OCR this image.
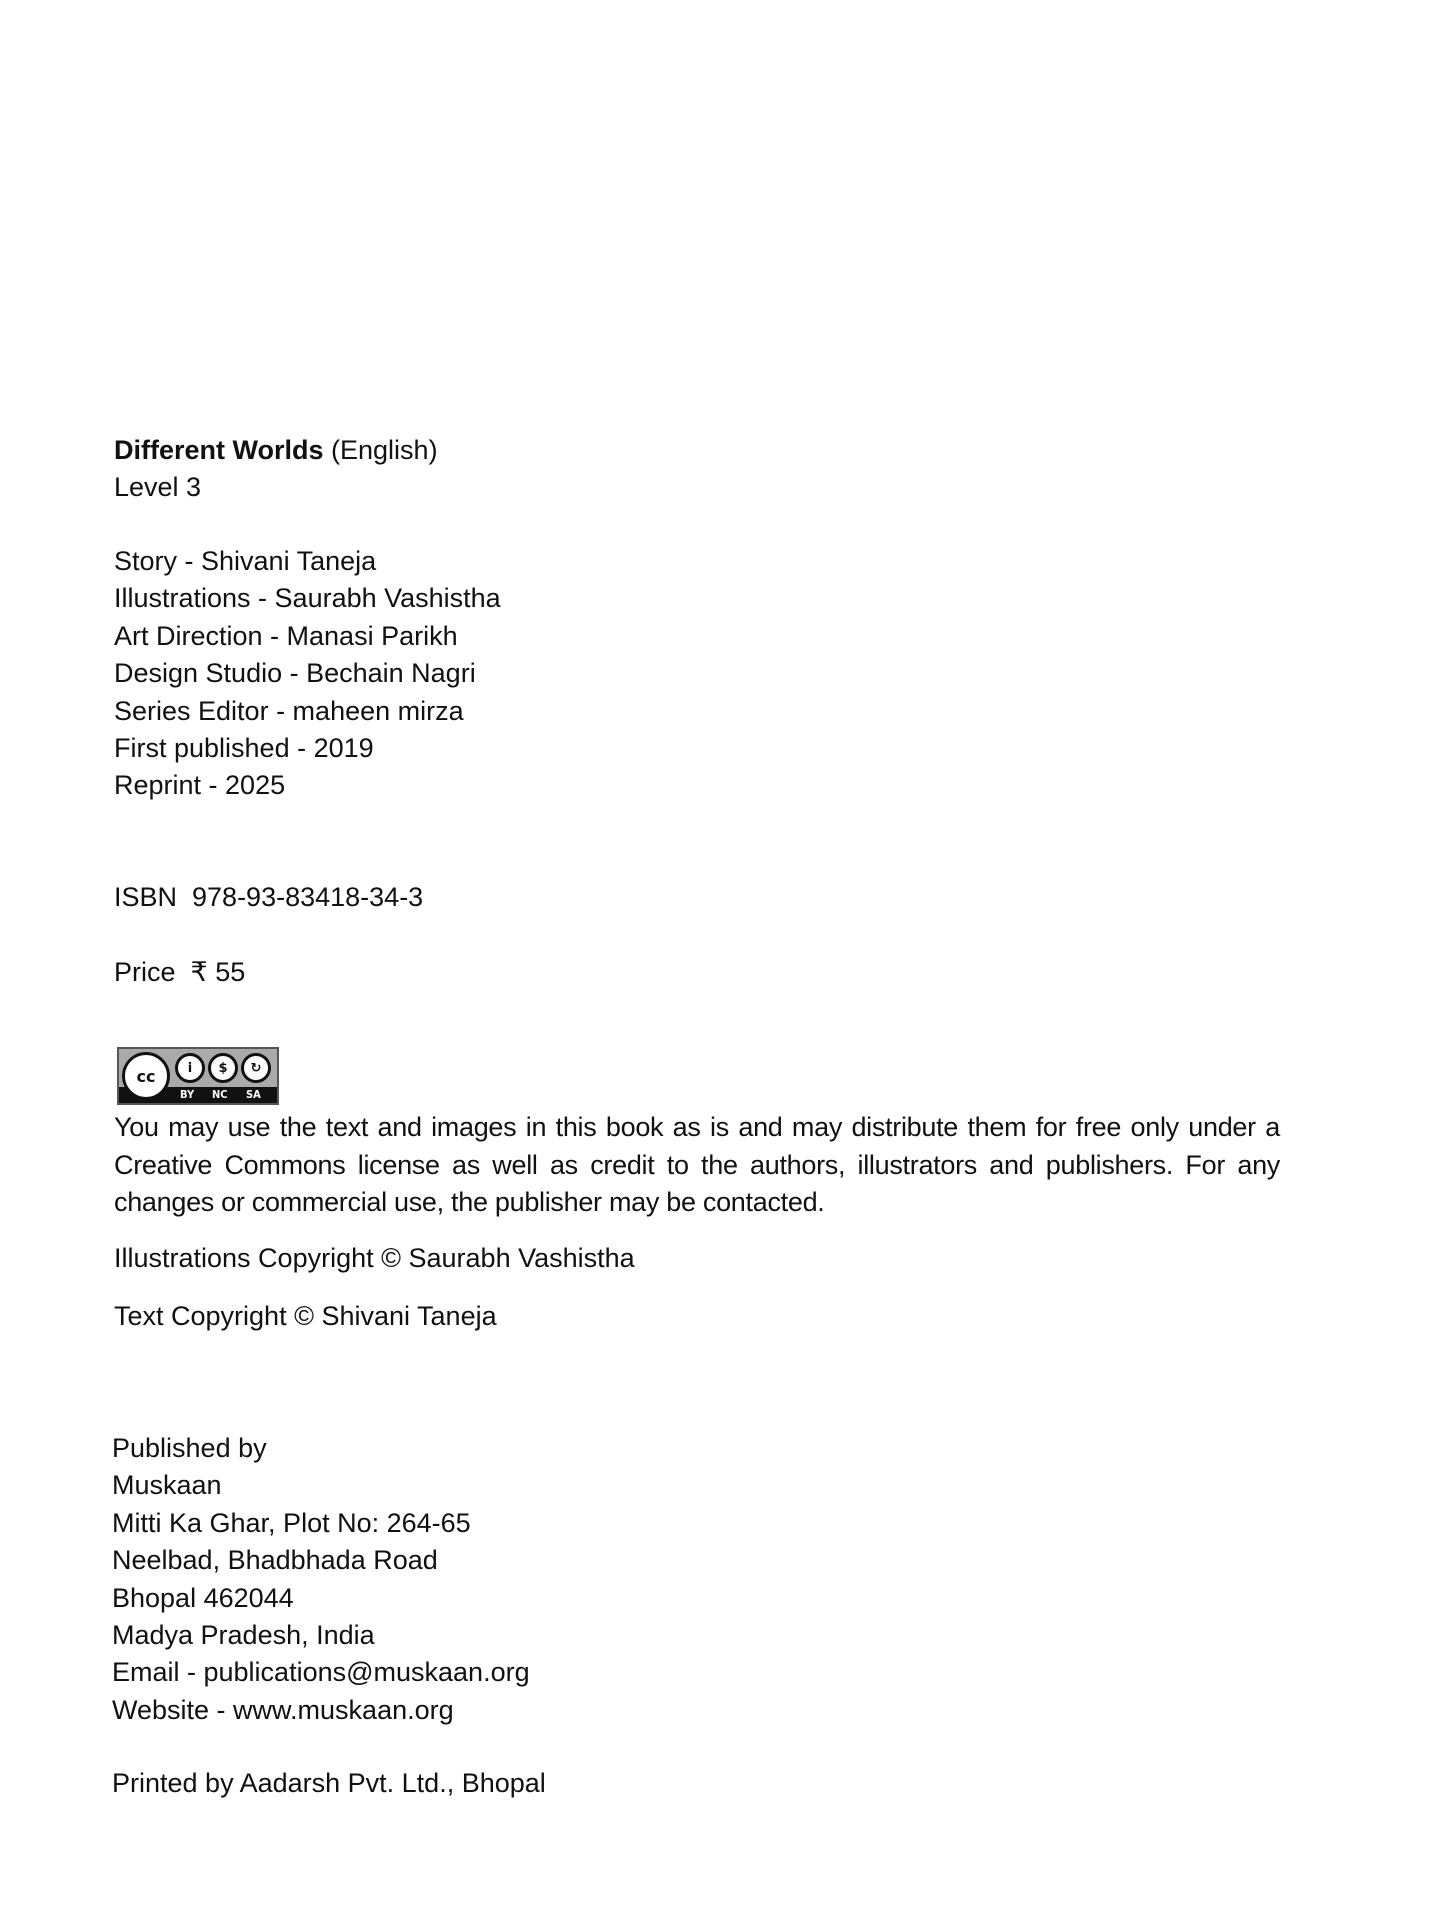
Different Worlds (English)
Level 3
Story - Shivani Taneja
Illustrations - Saurabh Vashistha
Art Direction - Manasi Parikh
Design Studio - Bechain Nagri
Series Editor - maheen mirza
First published - 2019
Reprint - 2025
ISBN  978-93-83418-34-3
Price  ₹ 55
cc	i	$	↻
BY NC SA
You may use the text and images in this book as is and may distribute them for free only under a Creative Commons license as well as credit to the authors, illustrators and publishers. For any changes or commercial use, the publisher may be contacted.
Illustrations Copyright © Saurabh Vashistha
Text Copyright © Shivani Taneja
Published by
Muskaan
Mitti Ka Ghar, Plot No: 264-65
Neelbad, Bhadbhada Road
Bhopal 462044
Madya Pradesh, India
Email - publications@muskaan.org
Website - www.muskaan.org
Printed by Aadarsh Pvt. Ltd., Bhopal
